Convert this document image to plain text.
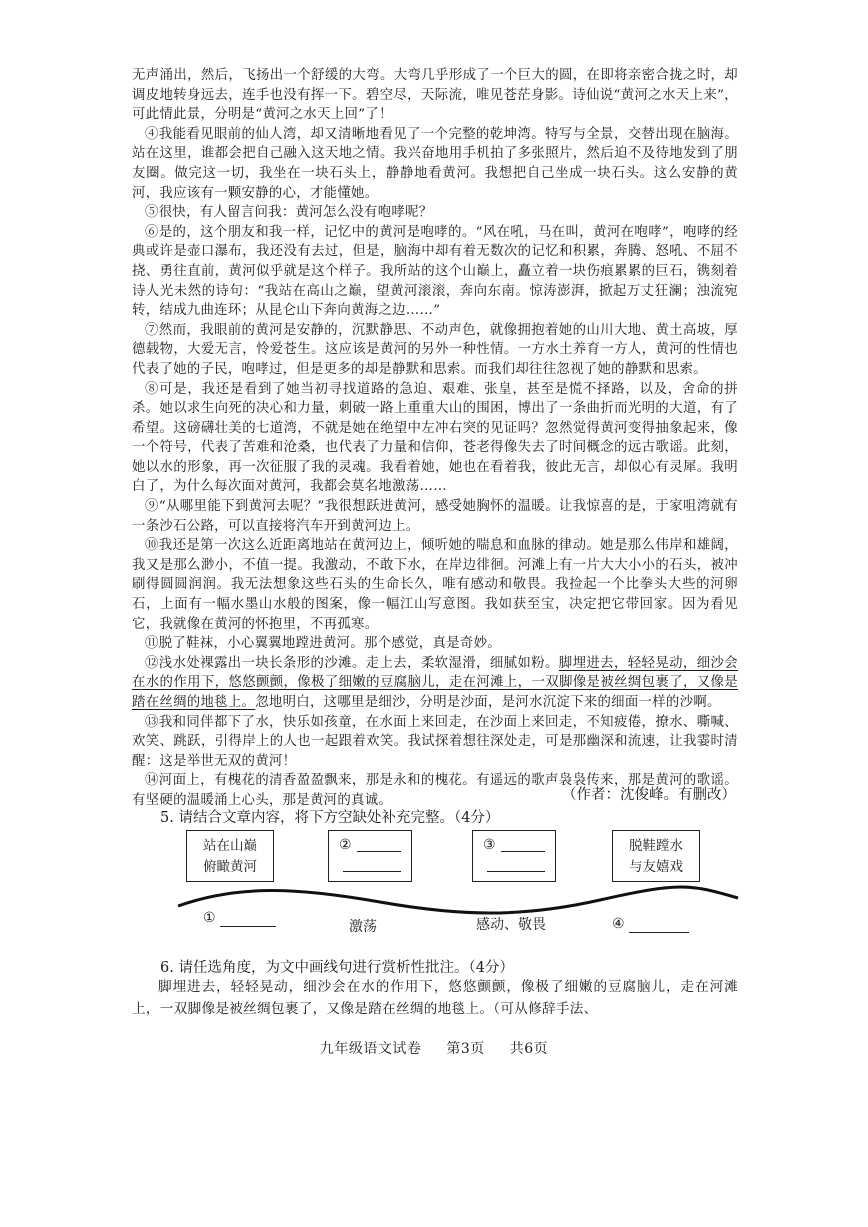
无声涌出，然后，飞扬出一个舒缓的大弯。大弯几乎形成了一个巨大的圆，在即将亲密合拢之时，却调皮地转身远去，连手也没有挥一下。碧空尽，天际流，唯见苍茫身影。诗仙说“黄河之水天上来”，可此情此景，分明是“黄河之水天上回”了！

④我能看见眼前的仙人湾，却又清晰地看见了一个完整的乾坤湾。特写与全景，交替出现在脑海。站在这里，谁都会把自己融入这天地之情。我兴奋地用手机拍了多张照片，然后迫不及待地发到了朋友圈。做完这一切，我坐在一块石头上，静静地看黄河。我想把自己坐成一块石头。这么安静的黄河，我应该有一颗安静的心，才能懂她。

⑤很快，有人留言问我：黄河怎么没有咆哮呢？

⑥是的，这个朋友和我一样，记忆中的黄河是咆哮的。“风在吼，马在叫，黄河在咆哮”，咆哮的经典或许是壶口瀑布，我还没有去过，但是，脑海中却有着无数次的记忆和积累，奔腾、怒吼、不屈不挠、勇往直前，黄河似乎就是这个样子。我所站的这个山巅上，矗立着一块伤痕累累的巨石，镌刻着诗人光未然的诗句：“我站在高山之巅，望黄河滚滚，奔向东南。惊涛澎湃，掀起万丈狂澜；浊流宛转，结成九曲连环；从昆仑山下奔向黄海之边……”

⑦然而，我眼前的黄河是安静的，沉默静思、不动声色，就像拥抱着她的山川大地、黄土高坡，厚德载物，大爱无言，怜爱苍生。这应该是黄河的另外一种性情。一方水土养育一方人，黄河的性情也代表了她的子民，咆哮过，但是更多的却是静默和思索。而我们却往往忽视了她的静默和思索。

⑧可是，我还是看到了她当初寻找道路的急迫、艰难、张皇，甚至是慌不择路，以及，舍命的拼杀。她以求生向死的决心和力量，刺破一路上重重大山的围困，博出了一条曲折而光明的大道，有了希望。这磅礴壮美的七道湾，不就是她在绝望中左冲右突的见证吗？忽然觉得黄河变得抽象起来，像一个符号，代表了苦难和沧桑，也代表了力量和信仰，苍老得像失去了时间概念的远古歌谣。此刻，她以水的形象，再一次征服了我的灵魂。我看着她，她也在看着我，彼此无言，却似心有灵犀。我明白了，为什么每次面对黄河，我都会莫名地激荡……

⑨“从哪里能下到黄河去呢？”我很想跃进黄河，感受她胸怀的温暖。让我惊喜的是，于家咀湾就有一条沙石公路，可以直接将汽车开到黄河边上。

⑩我还是第一次这么近距离地站在黄河边上，倾听她的喘息和血脉的律动。她是那么伟岸和雄阔，我又是那么渺小，不值一提。我激动，不敢下水，在岸边徘徊。河滩上有一片大大小小的石头，被冲刷得圆圆润润。我无法想象这些石头的生命长久，唯有感动和敬畏。我捡起一个比拳头大些的河卵石，上面有一幅水墨山水般的图案，像一幅江山写意图。我如获至宝，决定把它带回家。因为看见它，我就像在黄河的怀抱里，不再孤寒。

⑪脱了鞋袜，小心翼翼地蹚进黄河。那个感觉，真是奇妙。

⑫浅水处裸露出一块长条形的沙滩。走上去，柔软湿滑，细腻如粉。脚埋进去，轻轻晃动，细沙会在水的作用下，悠悠颤颤，像极了细嫩的豆腐脑儿，走在河滩上，一双脚像是被丝绸包裹了，又像是踏在丝绸的地毯上。忽地明白，这哪里是细沙，分明是沙面，是河水沉淀下来的细面一样的沙啊。

⑬我和同伴都下了水，快乐如孩童，在水面上来回走，在沙面上来回走，不知疲倦，撩水、嘶喊、欢笑、跳跃，引得岸上的人也一起跟着欢笑。我试探着想往深处走，可是那幽深和流速，让我霎时清醒：这是举世无双的黄河！

⑭河面上，有槐花的清香盈盈飘来，那是永和的槐花。有遥远的歌声袅袅传来，那是黄河的歌谣。有坚硬的温暖涌上心头，那是黄河的真诚。	（作者：沈俊峰。有删改）
5. 请结合文章内容，将下方空缺处补充完整。（4分）
站在山巅
俯瞰黄河
②	③	脱鞋蹚水
与友嬉戏
①
激荡	感动、敬畏	④
6. 请任选角度，为文中画线句进行赏析性批注。（4分）

脚埋进去，轻轻晃动，细沙会在水的作用下，悠悠颤颤，像极了细嫩的豆腐脑儿，走在河滩上，一双脚像是被丝绸包裹了，又像是踏在丝绸的地毯上。（可从修辞手法、

九年级语文试卷 第3页 共6页
